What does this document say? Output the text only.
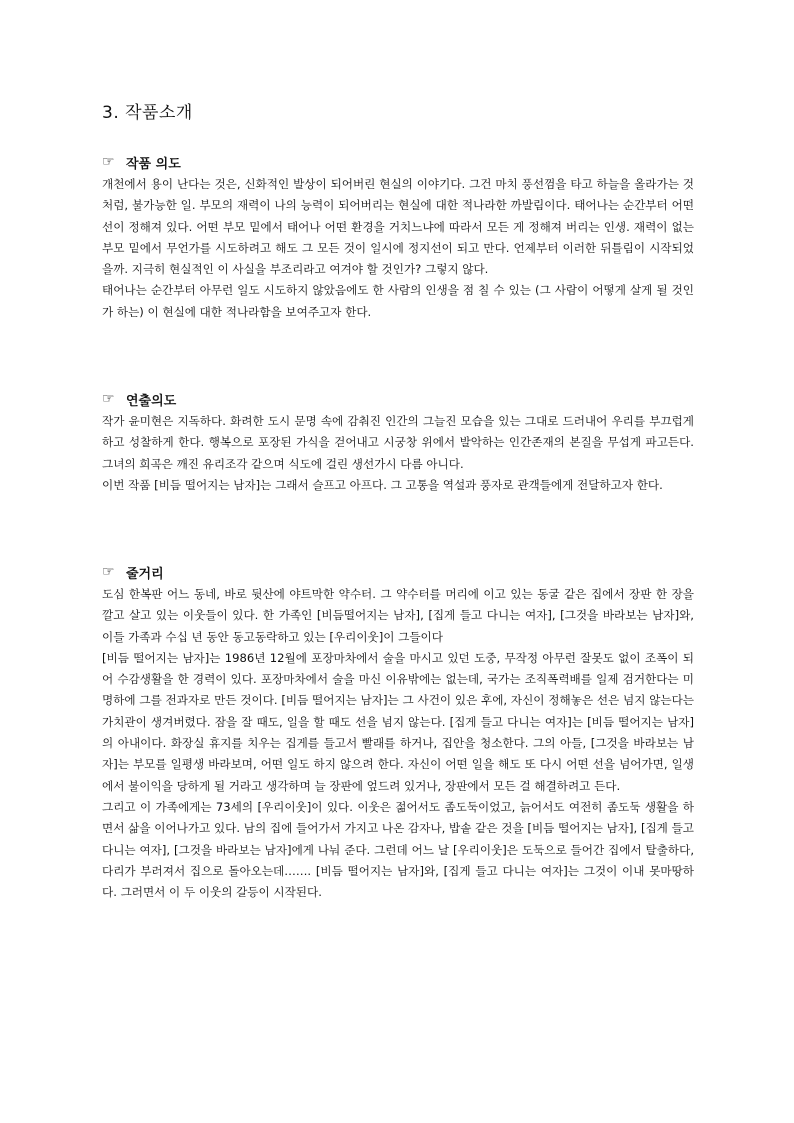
3. 작품소개
☞ 작품 의도

개천에서 용이 난다는 것은, 신화적인 발상이 되어버린 현실의 이야기다. 그건 마치 풍선껌을 타고 하늘을 올라가는 것처럼, 불가능한 일. 부모의 재력이 나의 능력이 되어버리는 현실에 대한 적나라한 까발림이다. 태어나는 순간부터 어떤 선이 정해져 있다. 어떤 부모 밑에서 태어나 어떤 환경을 거치느냐에 따라서 모든 게 정해져 버리는 인생. 재력이 없는 부모 밑에서 무언가를 시도하려고 해도 그 모든 것이 일시에 정지선이 되고 만다. 언제부터 이러한 뒤틀림이 시작되었을까. 지극히 현실적인 이 사실을 부조리라고 여겨야 할 것인가? 그렇지 않다.

태어나는 순간부터 아무런 일도 시도하지 않았음에도 한 사람의 인생을 점 칠 수 있는 (그 사람이 어떻게 살게 될 것인가 하는) 이 현실에 대한 적나라함을 보여주고자 한다.

☞ 연출의도

작가 윤미현은 지독하다. 화려한 도시 문명 속에 감춰진 인간의 그늘진 모습을 있는 그대로 드러내어 우리를 부끄럽게 하고 성찰하게 한다. 행복으로 포장된 가식을 걷어내고 시궁창 위에서 발악하는 인간존재의 본질을 무섭게 파고든다. 그녀의 희곡은 깨진 유리조각 같으며 식도에 걸린 생선가시 다름 아니다.

이번 작품 [비듬 떨어지는 남자]는 그래서 슬프고 아프다. 그 고통을 역설과 풍자로 관객들에게 전달하고자 한다.

☞ 줄거리

도심 한복판 어느 동네, 바로 뒷산에 야트막한 약수터. 그 약수터를 머리에 이고 있는 동굴 같은 집에서 장판 한 장을 깔고 살고 있는 이웃들이 있다. 한 가족인 [비듬떨어지는 남자], [집게 들고 다니는 여자], [그것을 바라보는 남자]와, 이들 가족과 수십 년 동안 동고동락하고 있는 [우리이웃]이 그들이다

[비듬 떨어지는 남자]는 1986년 12월에 포장마차에서 술을 마시고 있던 도중, 무작정 아무런 잘못도 없이 조폭이 되어 수감생활을 한 경력이 있다. 포장마차에서 술을 마신 이유밖에는 없는데, 국가는 조직폭력배를 일제 검거한다는 미명하에 그를 전과자로 만든 것이다. [비듬 떨어지는 남자]는 그 사건이 있은 후에, 자신이 정해놓은 선은 넘지 않는다는 가치관이 생겨버렸다. 잠을 잘 때도, 일을 할 때도 선을 넘지 않는다. [집게 들고 다니는 여자]는 [비듬 떨어지는 남자]의 아내이다. 화장실 휴지를 치우는 집게를 들고서 빨래를 하거나, 집안을 청소한다. 그의 아들, [그것을 바라보는 남자]는 부모를 일평생 바라보며, 어떤 일도 하지 않으려 한다. 자신이 어떤 일을 해도 또 다시 어떤 선을 넘어가면, 일생에서 불이익을 당하게 될 거라고 생각하며 늘 장판에 엎드려 있거나, 장판에서 모든 걸 해결하려고 든다.

그리고 이 가족에게는 73세의 [우리이웃]이 있다. 이웃은 젊어서도 좀도둑이었고, 늙어서도 여전히 좀도둑 생활을 하면서 삶을 이어나가고 있다. 남의 집에 들어가서 가지고 나온 감자나, 밥솥 같은 것을 [비듬 떨어지는 남자], [집게 들고 다니는 여자], [그것을 바라보는 남자]에게 나눠 준다. 그런데 어느 날 [우리이웃]은 도둑으로 들어간 집에서 탈출하다, 다리가 부러져서 집으로 돌아오는데……. [비듬 떨어지는 남자]와, [집게 들고 다니는 여자]는 그것이 이내 못마땅하다. 그러면서 이 두 이웃의 갈등이 시작된다.
